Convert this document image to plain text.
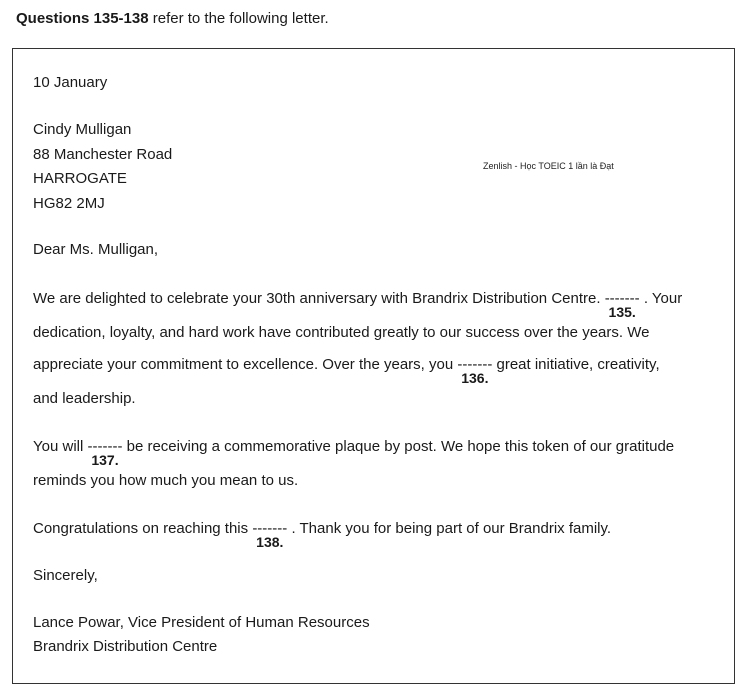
Questions 135-138 refer to the following letter.
10 January
Cindy Mulligan
88 Manchester Road
HARROGATE
HG82 2MJ
Dear Ms. Mulligan,
We are delighted to celebrate your 30th anniversary with Brandrix Distribution Centre. -------
135.
. Your
dedication, loyalty, and hard work have contributed greatly to our success over the years. We
appreciate your commitment to excellence. Over the years, you -------
136.
great initiative, creativity,
and leadership.
You will -------
137.
be receiving a commemorative plaque by post. We hope this token of our gratitude
reminds you how much you mean to us.
Congratulations on reaching this -------
138.
. Thank you for being part of our Brandrix family.
Sincerely,
Lance Powar, Vice President of Human Resources
Brandrix Distribution Centre
Zenlish - Học TOEIC 1 lần là Đạt
